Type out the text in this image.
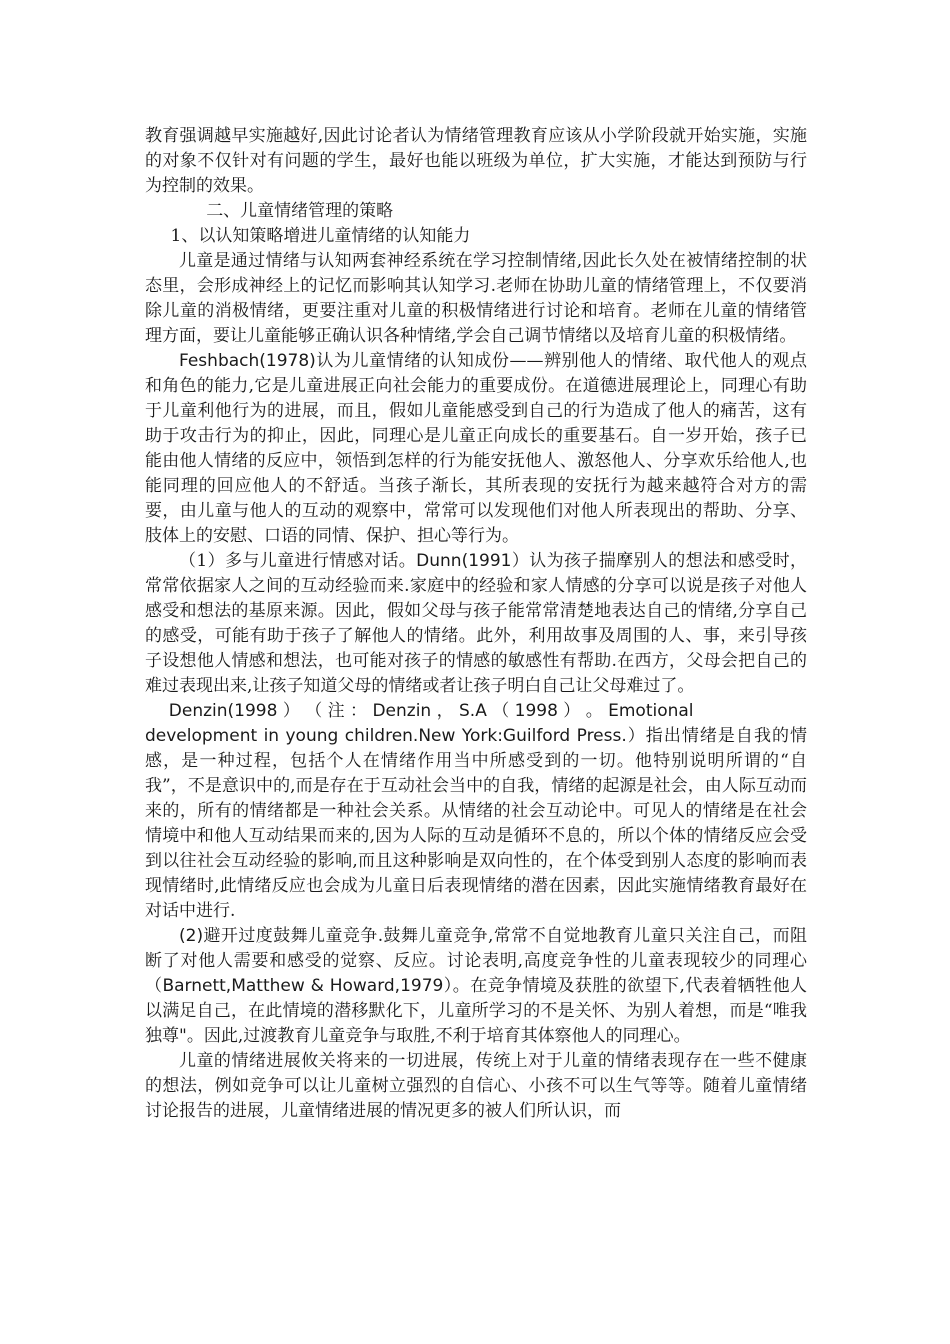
教育强调越早实施越好,因此讨论者认为情绪管理教育应该从小学阶段就开始实施，实施的对象不仅针对有问题的学生，最好也能以班级为单位，扩大实施，才能达到预防与行为控制的效果。

二、儿童情绪管理的策略

1、以认知策略增进儿童情绪的认知能力

儿童是通过情绪与认知两套神经系统在学习控制情绪,因此长久处在被情绪控制的状态里，会形成神经上的记忆而影响其认知学习.老师在协助儿童的情绪管理上，不仅要消除儿童的消极情绪，更要注重对儿童的积极情绪进行讨论和培育。老师在儿童的情绪管理方面，要让儿童能够正确认识各种情绪,学会自己调节情绪以及培育儿童的积极情绪。

Feshbach(1978)认为儿童情绪的认知成份——辨别他人的情绪、取代他人的观点和角色的能力,它是儿童进展正向社会能力的重要成份。在道德进展理论上，同理心有助于儿童利他行为的进展，而且，假如儿童能感受到自己的行为造成了他人的痛苦，这有助于攻击行为的抑止，因此，同理心是儿童正向成长的重要基石。自一岁开始，孩子已能由他人情绪的反应中，领悟到怎样的行为能安抚他人、激怒他人、分享欢乐给他人,也能同理的回应他人的不舒适。当孩子渐长，其所表现的安抚行为越来越符合对方的需要，由儿童与他人的互动的观察中，常常可以发现他们对他人所表现出的帮助、分享、肢体上的安慰、口语的同情、保护、担心等行为。

（1）多与儿童进行情感对话。Dunn(1991）认为孩子揣摩别人的想法和感受时，常常依据家人之间的互动经验而来.家庭中的经验和家人情感的分享可以说是孩子对他人感受和想法的基原来源。因此，假如父母与孩子能常常清楚地表达自己的情绪,分享自己的感受，可能有助于孩子了解他人的情绪。此外，利用故事及周围的人、事，来引导孩子设想他人情感和想法，也可能对孩子的情感的敏感性有帮助.在西方，父母会把自己的难过表现出来,让孩子知道父母的情绪或者让孩子明白自己让父母难过了。

Denzin(1998 ） （ 注 ： Denzin ， S.A （ 1998 ） 。 Emotional

development in young children.New York:Guilford Press.）指出情绪是自我的情感，是一种过程，包括个人在情绪作用当中所感受到的一切。他特别说明所谓的“自我”，不是意识中的,而是存在于互动社会当中的自我，情绪的起源是社会，由人际互动而来的，所有的情绪都是一种社会关系。从情绪的社会互动论中。可见人的情绪是在社会情境中和他人互动结果而来的,因为人际的互动是循环不息的，所以个体的情绪反应会受到以往社会互动经验的影响,而且这种影响是双向性的，在个体受到别人态度的影响而表现情绪时,此情绪反应也会成为儿童日后表现情绪的潜在因素，因此实施情绪教育最好在对话中进行.

(2)避开过度鼓舞儿童竞争.鼓舞儿童竞争,常常不自觉地教育儿童只关注自己，而阻断了对他人需要和感受的觉察、反应。讨论表明,高度竞争性的儿童表现较少的同理心（Barnett,Matthew & Howard,1979）。在竞争情境及获胜的欲望下,代表着牺牲他人以满足自己，在此情境的潜移默化下，儿童所学习的不是关怀、为别人着想，而是“唯我独尊"。因此,过渡教育儿童竞争与取胜,不利于培育其体察他人的同理心。

儿童的情绪进展攸关将来的一切进展，传统上对于儿童的情绪表现存在一些不健康的想法，例如竞争可以让儿童树立强烈的自信心、小孩不可以生气等等。随着儿童情绪讨论报告的进展，儿童情绪进展的情况更多的被人们所认识，而
